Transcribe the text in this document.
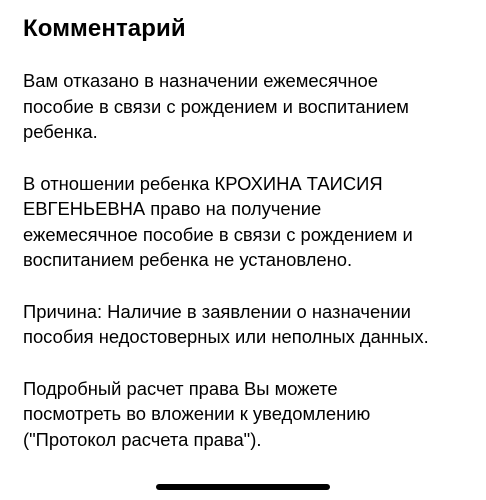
Комментарий

Вам отказано в назначении ежемесячное
пособие в связи с рождением и воспитанием
ребенка.

В отношении ребенка КРОХИНА ТАИСИЯ
ЕВГЕНЬЕВНА право на получение
ежемесячное пособие в связи с рождением и
воспитанием ребенка не установлено.

Причина: Наличие в заявлении о назначении
пособия недостоверных или неполных данных.

Подробный расчет права Вы можете
посмотреть во вложении к уведомлению
("Протокол расчета права").
